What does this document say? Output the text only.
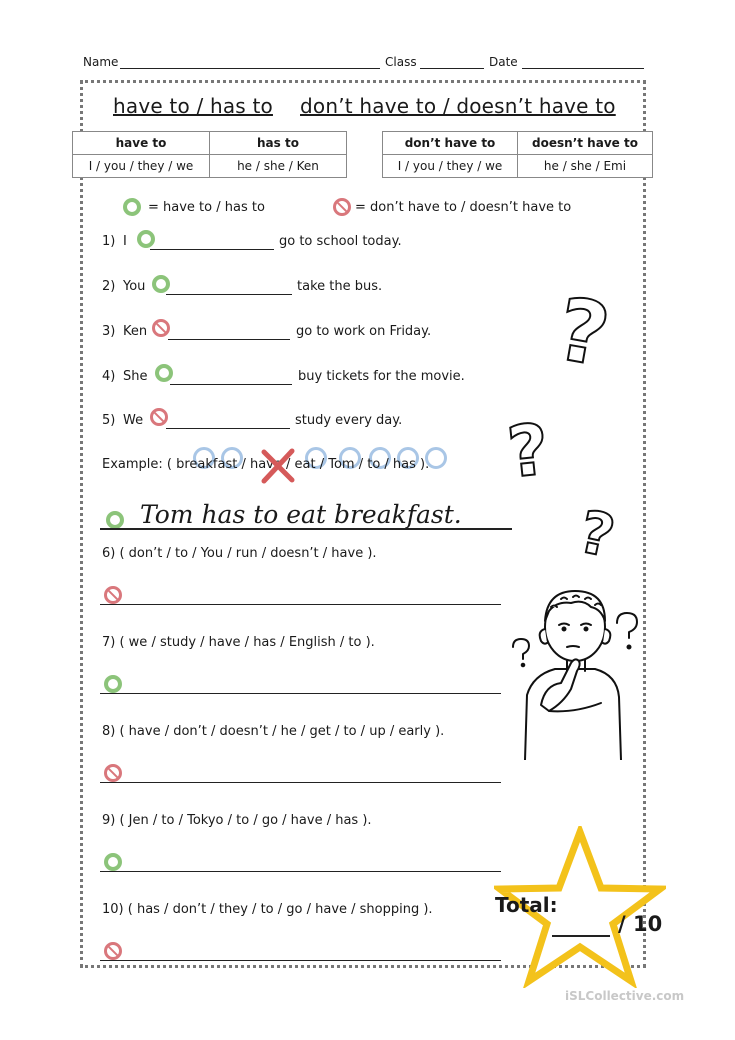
Name	Class	Date
have to / has to don’t have to / doesn’t have to
have to	has to
I / you / they / we	he / she / Ken
don’t have to	doesn’t have to
I / you / they / we	he / she / Emi
= have to / has to	= don’t have to / doesn’t have to
1) I	go to school today.
2) You	take the bus.
3) Ken	go to work on Friday.
4) She	buy tickets for the movie.
5) We	study every day.
Example: ( breakfast / have / eat / Tom / to / has ).
Tom has to eat breakfast.
6) ( don’t / to / You / run / doesn’t / have ).
7) ( we / study / have / has / English / to ).
8) ( have / don’t / doesn’t / he / get / to / up / early ).
9) ( Jen / to / Tokyo / to / go / have / has ).
10) ( has / don’t / they / to / go / have / shopping ).
?
?
?
Total:
/ 10
iSLCollective.com
